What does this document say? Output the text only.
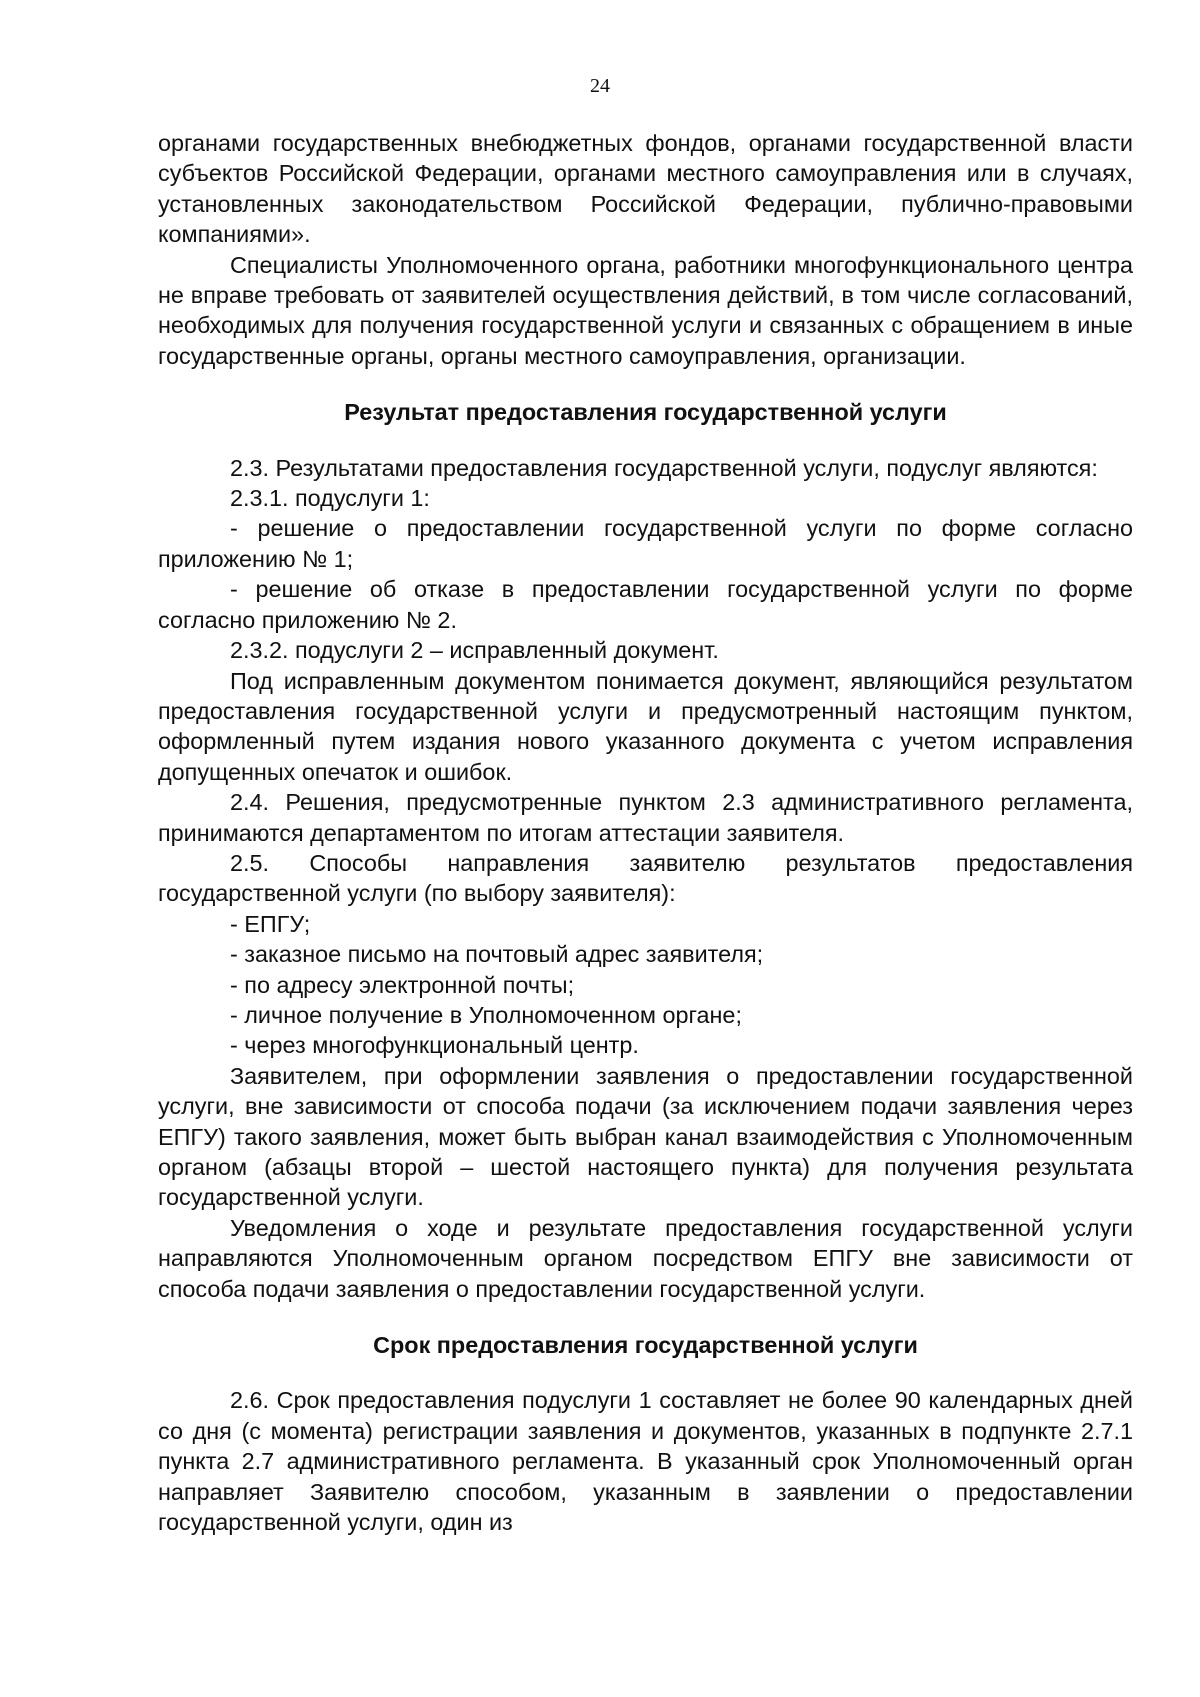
24

органами государственных внебюджетных фондов, органами государственной власти субъектов Российской Федерации, органами местного самоуправления или в случаях, установленных законодательством Российской Федерации, публично-правовыми компаниями».

Специалисты Уполномоченного органа, работники многофункционального центра не вправе требовать от заявителей осуществления действий, в том числе согласований, необходимых для получения государственной услуги и связанных с обращением в иные государственные органы, органы местного самоуправления, организации.

Результат предоставления государственной услуги

2.3. Результатами предоставления государственной услуги, подуслуг являются:

2.3.1. подуслуги 1:

- решение о предоставлении государственной услуги по форме согласно приложению № 1;

- решение об отказе в предоставлении государственной услуги по форме согласно приложению № 2.

2.3.2. подуслуги 2 – исправленный документ.

Под исправленным документом понимается документ, являющийся результатом предоставления государственной услуги и предусмотренный настоящим пунктом, оформленный путем издания нового указанного документа с учетом исправления допущенных опечаток и ошибок.

2.4. Решения, предусмотренные пунктом 2.3 административного регламента, принимаются департаментом по итогам аттестации заявителя.

2.5. Способы направления заявителю результатов предоставления государственной услуги (по выбору заявителя):

- ЕПГУ;

- заказное письмо на почтовый адрес заявителя;

- по адресу электронной почты;

- личное получение в Уполномоченном органе;

- через многофункциональный центр.

Заявителем, при оформлении заявления о предоставлении государственной услуги, вне зависимости от способа подачи (за исключением подачи заявления через ЕПГУ) такого заявления, может быть выбран канал взаимодействия с Уполномоченным органом (абзацы второй – шестой настоящего пункта) для получения результата государственной услуги.

Уведомления о ходе и результате предоставления государственной услуги направляются Уполномоченным органом посредством ЕПГУ вне зависимости от способа подачи заявления о предоставлении государственной услуги.

Срок предоставления государственной услуги

2.6. Срок предоставления подуслуги 1 составляет не более 90 календарных дней со дня (с момента) регистрации заявления и документов, указанных в подпункте 2.7.1 пункта 2.7 административного регламента. В указанный срок Уполномоченный орган направляет Заявителю способом, указанным в заявлении о предоставлении государственной услуги, один из
